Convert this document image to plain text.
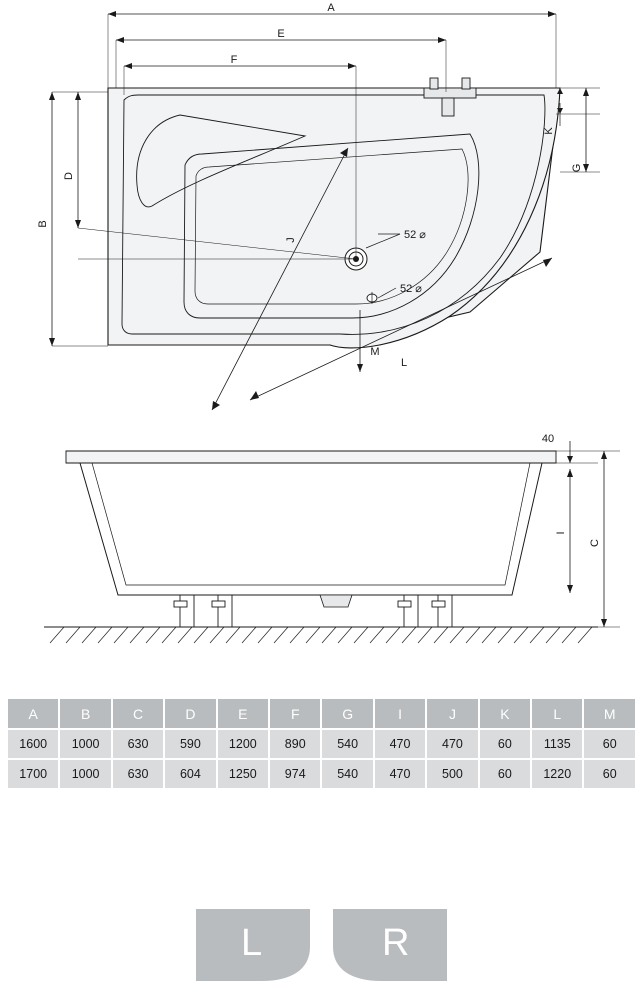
A
E
F
B
D
G
K
J
L
M
52 ⌀
52 ⌀
40
I
C
A	B	C	D	E	F	G	I	J	K	L	M
1600	1000	630	590	1200	890	540	470	470	60	1135	60
1700	1000	630	604	1250	974	540	470	500	60	1220	60
L	R
